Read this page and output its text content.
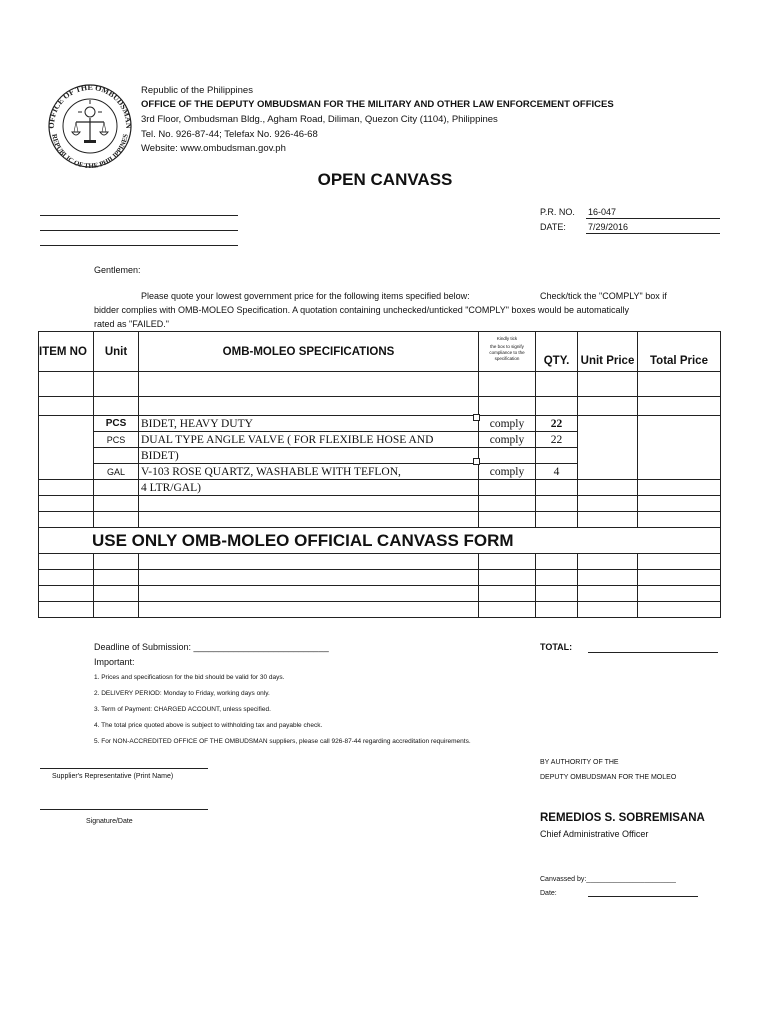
OFFICE OF THE OMBUDSMAN
REPUBLIC OF THE PHILIPPINES
Republic of the Philippines
OFFICE OF THE DEPUTY OMBUDSMAN FOR THE MILITARY AND OTHER LAW ENFORCEMENT OFFICES
3rd Floor, Ombudsman Bldg., Agham Road, Diliman, Quezon City (1104), Philippines
Tel. No. 926-87-44; Telefax No. 926-46-68
Website: www.ombudsman.gov.ph
OPEN CANVASS
P.R. NO. 16-047
DATE: 7/29/2016
Gentlemen:
Please quote your lowest government price for the following items specified below:	Check/tick the "COMPLY" box if
bidder complies with OMB-MOLEO Specification. A quotation containing unchecked/unticked "COMPLY" boxes would be automatically
rated as "FAILED."
ITEM NO	Unit	OMB-MOLEO SPECIFICATIONS	Kindly tick
the box to signify
compliance to the
specification	QTY.	Unit Price	Total Price

	PCS	BIDET, HEAVY DUTY	comply	22		
	PCS	DUAL TYPE ANGLE VALVE ( FOR FLEXIBLE HOSE AND	comply	22		
		BIDET)		

	GAL	V-103 ROSE QUARTZ, WASHABLE WITH TEFLON,	comply	4		
		4 LTR/GAL)				

USE ONLY OMB-MOLEO OFFICIAL CANVASS FORM						

Deadline of Submission: ___________________________
Important:
TOTAL:
1. Prices and specificatiosn for the bid should be valid for 30 days.
2. DELIVERY PERIOD: Monday to Friday, working days only.
3. Term of Payment: CHARGED ACCOUNT, unless specified.
4. The total price quoted above is subject to withholding tax and payable check.
5. For NON-ACCREDITED OFFICE OF THE OMBUDSMAN suppliers, please call 926-87-44 regarding accreditation requirements.
Supplier's Representative (Print Name)
Signature/Date
BY AUTHORITY OF THE
DEPUTY OMBUDSMAN FOR THE MOLEO
REMEDIOS S. SOBREMISANA
Chief Administrative Officer
Canvassed by:_______________________
Date:
